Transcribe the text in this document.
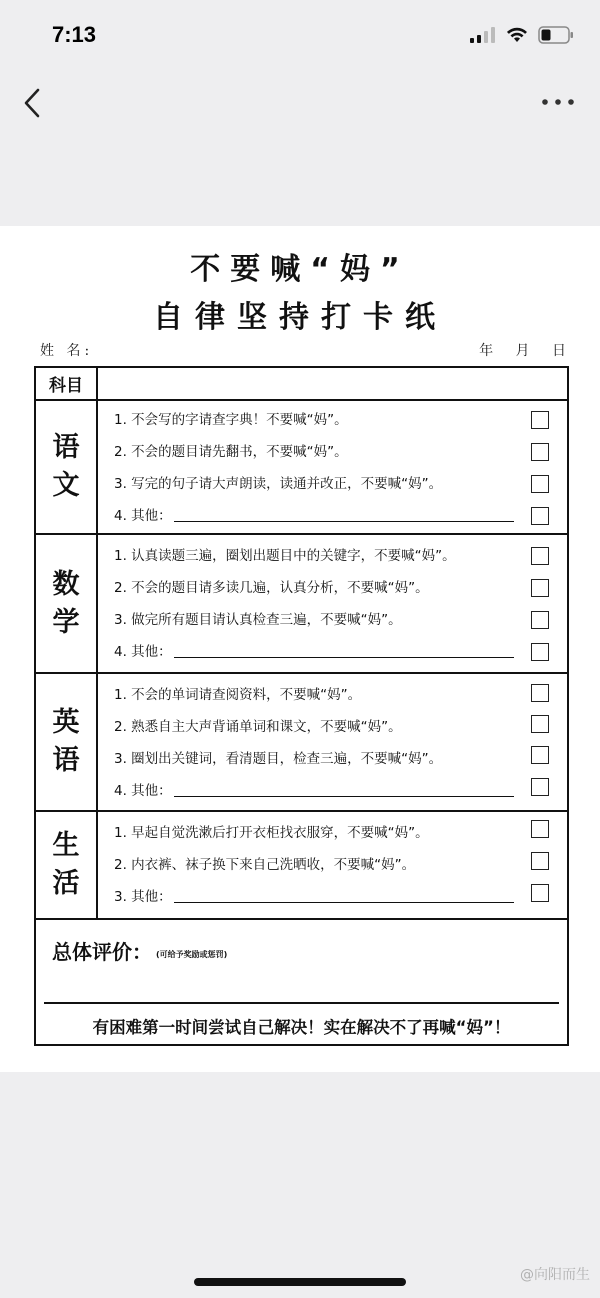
7:13
不要喊“妈”
自律坚持打卡纸
姓 名:	年 月 日
科目
语文
1. 不会写的字请查字典！不要喊“妈”。
2. 不会的题目请先翻书，不要喊“妈”。
3. 写完的句子请大声朗读，读通并改正，不要喊“妈”。
4. 其他：
数学
1. 认真读题三遍，圈划出题目中的关键字，不要喊“妈”。
2. 不会的题目请多读几遍，认真分析，不要喊“妈”。
3. 做完所有题目请认真检查三遍，不要喊“妈”。
4. 其他：
英语
1. 不会的单词请查阅资料，不要喊“妈”。
2. 熟悉自主大声背诵单词和课文，不要喊“妈”。
3. 圈划出关键词，看清题目，检查三遍，不要喊“妈”。
4. 其他：
生活
1. 早起自觉洗漱后打开衣柜找衣服穿，不要喊“妈”。
2. 内衣裤、袜子换下来自己洗晒收，不要喊“妈”。
3. 其他：
总体评价： (可给予奖励或惩罚)
有困难第一时间尝试自己解决！实在解决不了再喊“妈”！
@向阳而生
